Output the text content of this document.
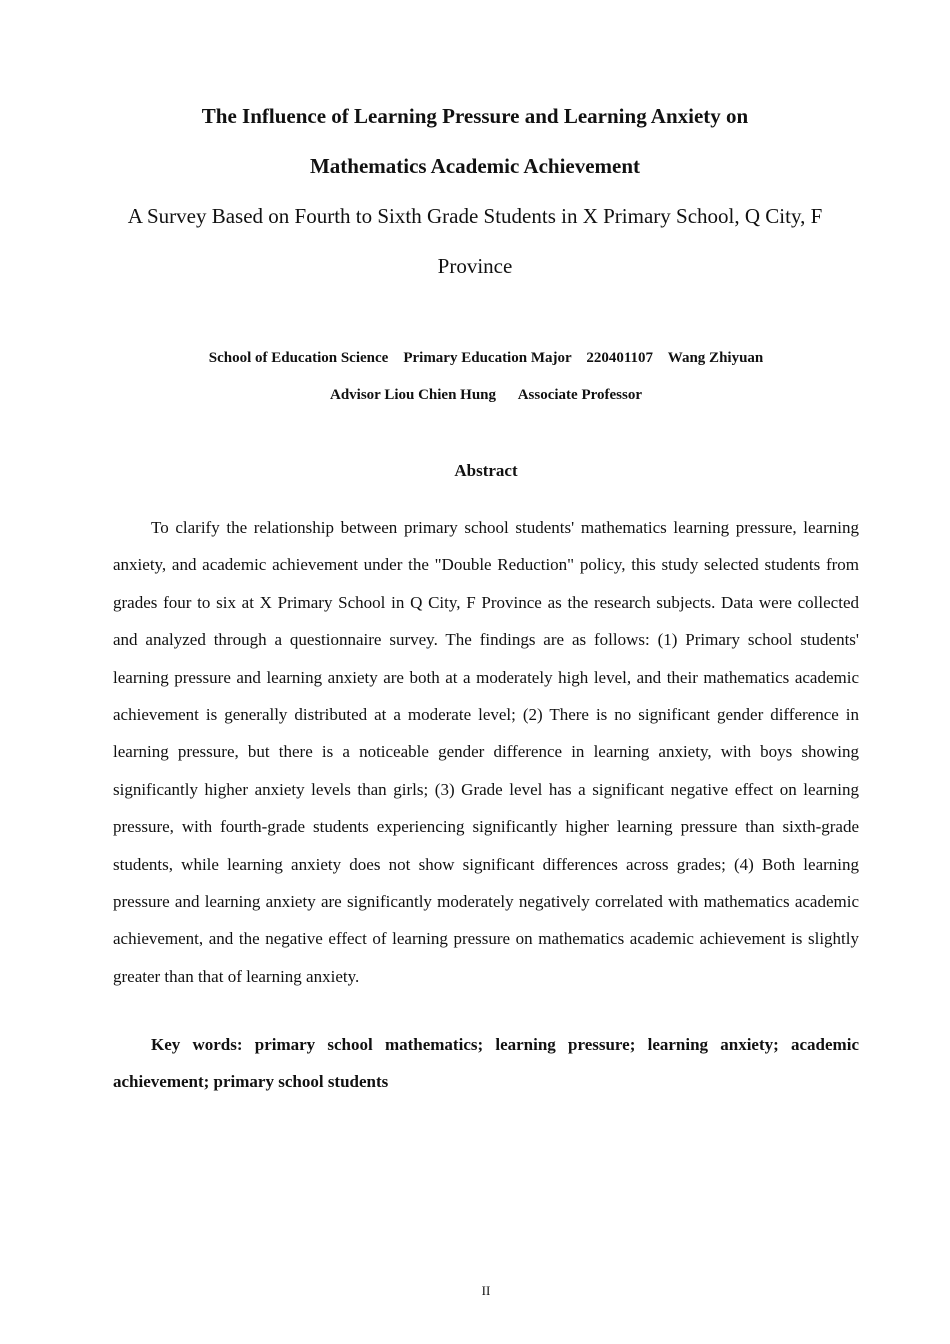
The Influence of Learning Pressure and Learning Anxiety on
Mathematics Academic Achievement
A Survey Based on Fourth to Sixth Grade Students in X Primary School, Q City, F
Province
School of Education Science Primary Education Major 220401107 Wang Zhiyuan
Advisor Liou Chien Hung Associate Professor
Abstract

To clarify the relationship between primary school students' mathematics learning pressure, learning anxiety, and academic achievement under the "Double Reduction" policy, this study selected students from grades four to six at X Primary School in Q City, F Province as the research subjects. Data were collected and analyzed through a questionnaire survey. The findings are as follows: (1) Primary school students' learning pressure and learning anxiety are both at a moderately high level, and their mathematics academic achievement is generally distributed at a moderate level; (2) There is no significant gender difference in learning pressure, but there is a noticeable gender difference in learning anxiety, with boys showing significantly higher anxiety levels than girls; (3) Grade level has a significant negative effect on learning pressure, with fourth-grade students experiencing significantly higher learning pressure than sixth-grade students, while learning anxiety does not show significant differences across grades; (4) Both learning pressure and learning anxiety are significantly moderately negatively correlated with mathematics academic achievement, and the negative effect of learning pressure on mathematics academic achievement is slightly greater than that of learning anxiety.

Key words: primary school mathematics; learning pressure; learning anxiety; academic achievement; primary school students

II
